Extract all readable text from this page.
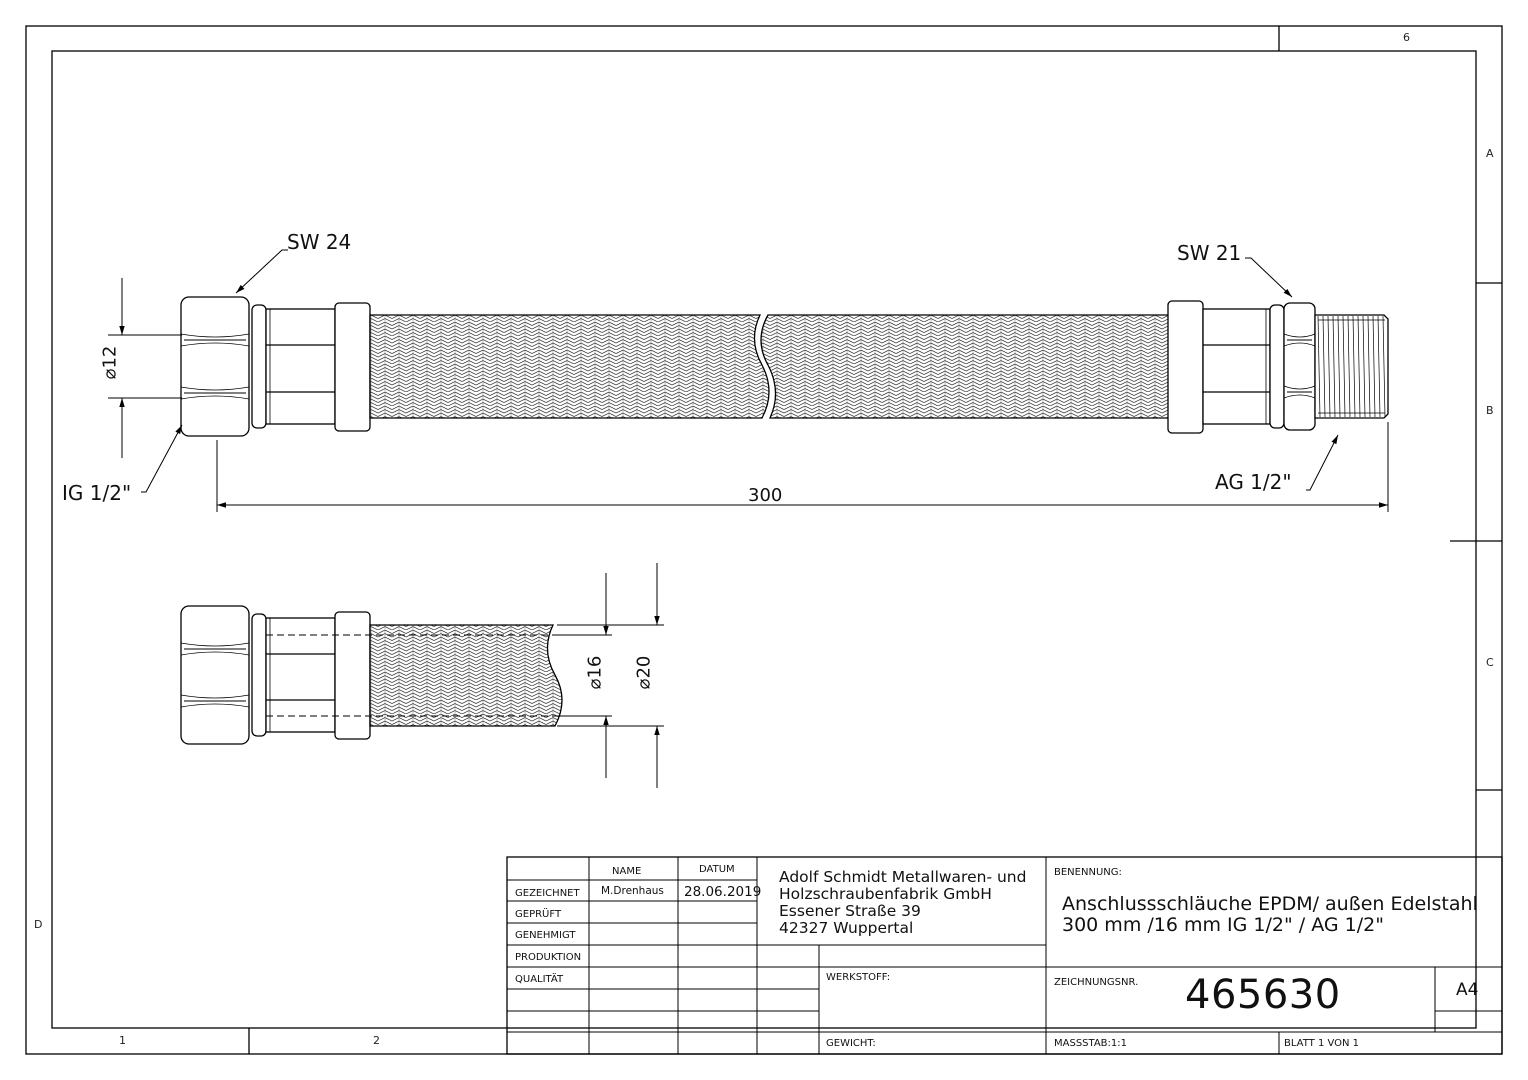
6
A
B
C
D
1	2
SW 24	SW 21
IG 1/2"	AG 1/2"
300
⌀12
⌀16 ⌀20
NAME	DATUM
GEZEICHNET M.Drenhaus 28.06.2019
GEPRÜFT
GENEHMIGT
PRODUKTION
QUALITÄT
Adolf Schmidt Metallwaren- und
Holzschraubenfabrik GmbH
Essener Straße 39
42327 Wuppertal
BENENNUNG:
Anschlussschläuche EPDM/ außen Edelstahl
300 mm /16 mm IG 1/2" / AG 1/2"
WERKSTOFF:	ZEICHNUNGSNR. 465630	A4
GEWICHT:	MASSSTAB:1:1	BLATT 1 VON 1
